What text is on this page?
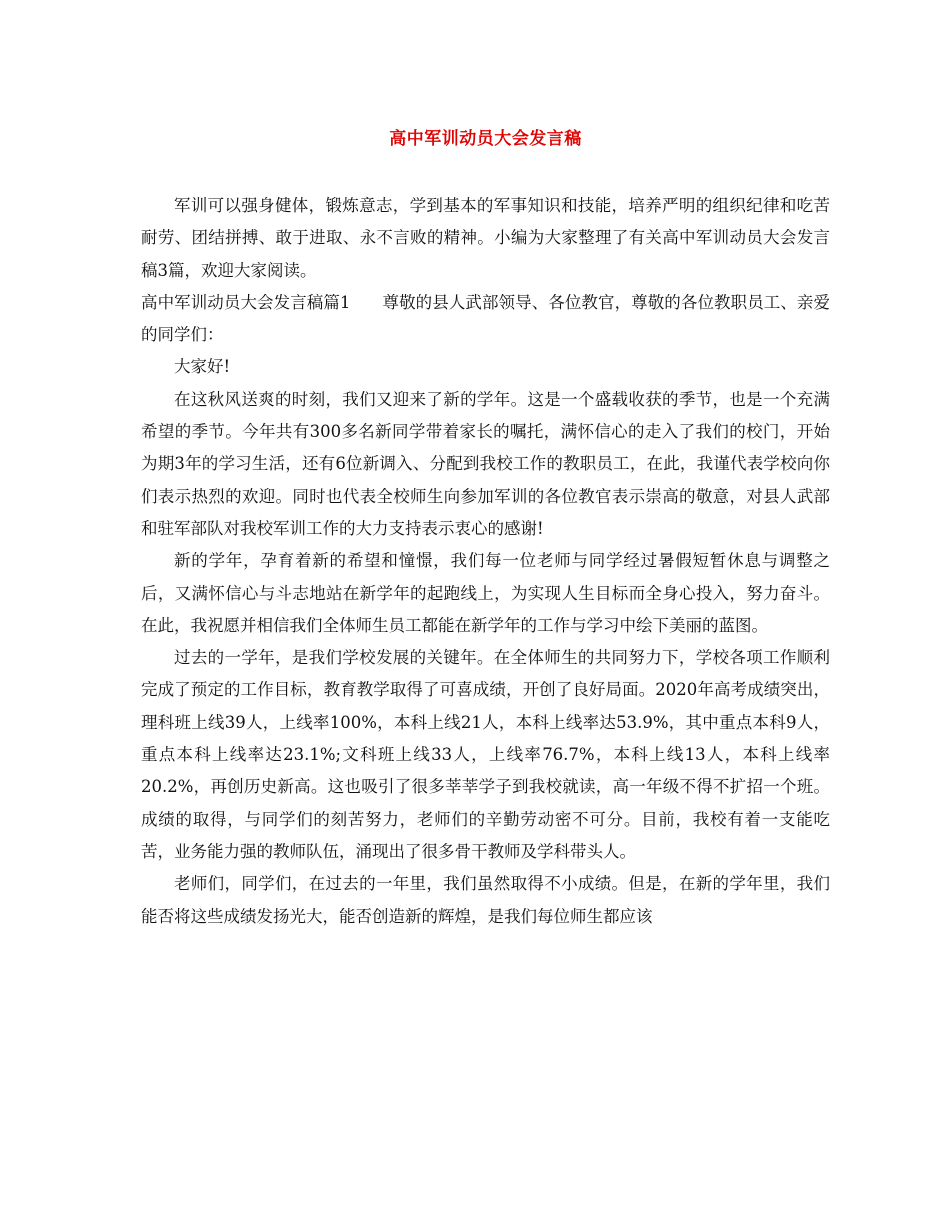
高中军训动员大会发言稿

军训可以强身健体，锻炼意志，学到基本的军事知识和技能，培养严明的组织纪律和吃苦耐劳、团结拼搏、敢于进取、永不言败的精神。小编为大家整理了有关高中军训动员大会发言稿3篇，欢迎大家阅读。

高中军训动员大会发言稿篇1 尊敬的县人武部领导、各位教官，尊敬的各位教职员工、亲爱的同学们：

大家好!

在这秋风送爽的时刻，我们又迎来了新的学年。这是一个盛载收获的季节，也是一个充满希望的季节。今年共有300多名新同学带着家长的嘱托，满怀信心的走入了我们的校门，开始为期3年的学习生活，还有6位新调入、分配到我校工作的教职员工，在此，我谨代表学校向你们表示热烈的欢迎。同时也代表全校师生向参加军训的各位教官表示崇高的敬意，对县人武部和驻军部队对我校军训工作的大力支持表示衷心的感谢!

新的学年，孕育着新的希望和憧憬，我们每一位老师与同学经过暑假短暂休息与调整之后，又满怀信心与斗志地站在新学年的起跑线上，为实现人生目标而全身心投入，努力奋斗。在此，我祝愿并相信我们全体师生员工都能在新学年的工作与学习中绘下美丽的蓝图。

过去的一学年，是我们学校发展的关键年。在全体师生的共同努力下，学校各项工作顺利完成了预定的工作目标，教育教学取得了可喜成绩，开创了良好局面。2020年高考成绩突出，理科班上线39人，上线率100%，本科上线21人，本科上线率达53.9%，其中重点本科9人，重点本科上线率达23.1%;文科班上线33人，上线率76.7%，本科上线13人，本科上线率20.2%，再创历史新高。这也吸引了很多莘莘学子到我校就读，高一年级不得不扩招一个班。成绩的取得，与同学们的刻苦努力，老师们的辛勤劳动密不可分。目前，我校有着一支能吃苦，业务能力强的教师队伍，涌现出了很多骨干教师及学科带头人。

老师们，同学们，在过去的一年里，我们虽然取得不小成绩。但是，在新的学年里，我们能否将这些成绩发扬光大，能否创造新的辉煌，是我们每位师生都应该
